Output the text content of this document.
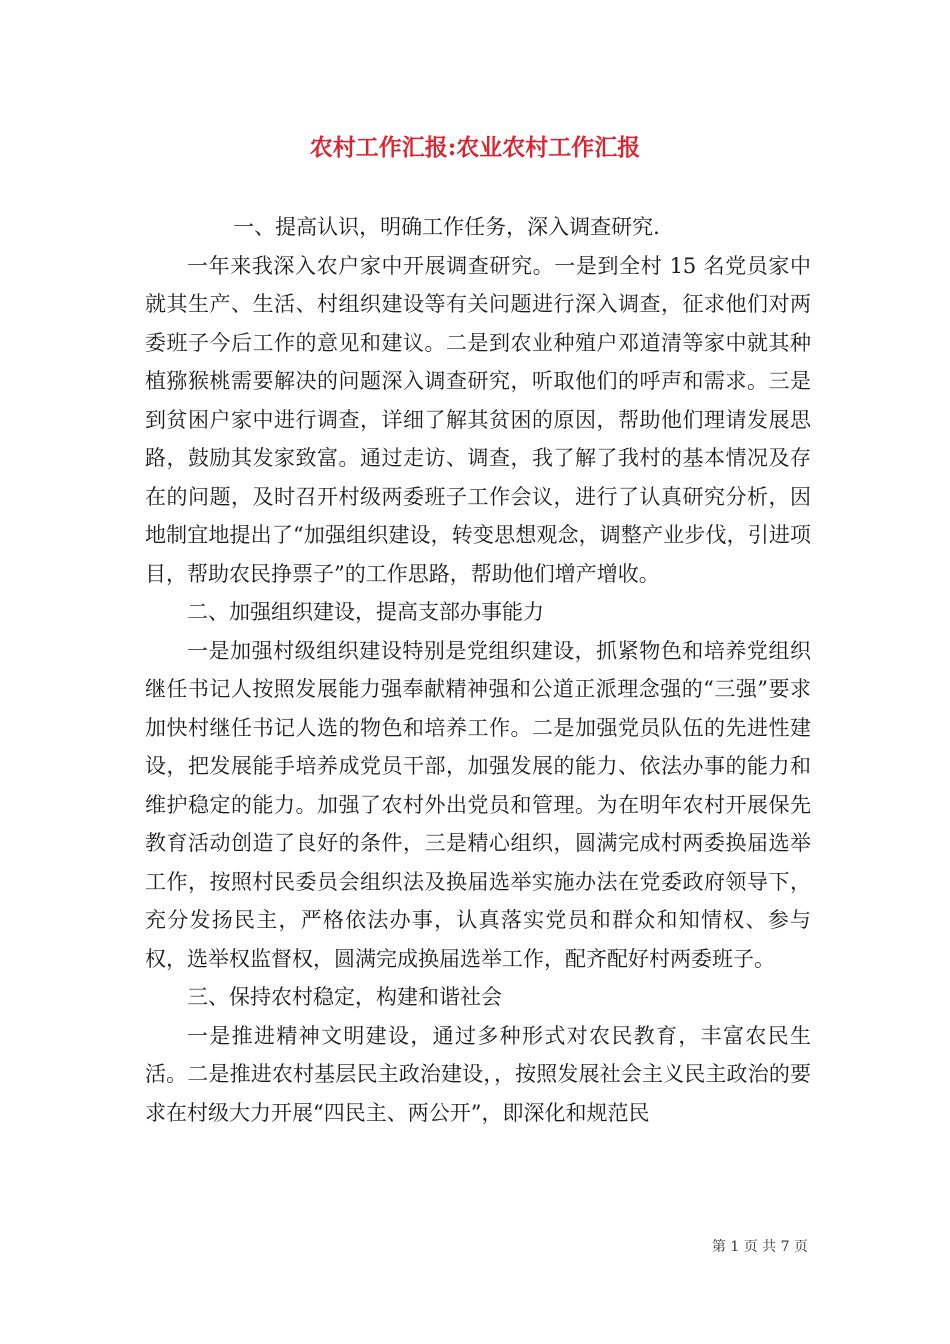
农村工作汇报:农业农村工作汇报

一、提高认识，明确工作任务，深入调查研究.

一年来我深入农户家中开展调查研究。一是到全村 15 名党员家中就其生产、生活、村组织建设等有关问题进行深入调查，征求他们对两委班子今后工作的意见和建议。二是到农业种殖户邓道清等家中就其种植猕猴桃需要解决的问题深入调查研究，听取他们的呼声和需求。三是到贫困户家中进行调查，详细了解其贫困的原因，帮助他们理请发展思路，鼓励其发家致富。通过走访、调查，我了解了我村的基本情况及存在的问题，及时召开村级两委班子工作会议，进行了认真研究分析，因地制宜地提出了“加强组织建设，转变思想观念，调整产业步伐，引进项目，帮助农民挣票子”的工作思路，帮助他们增产增收。

二、加强组织建设，提高支部办事能力

一是加强村级组织建设特别是党组织建设，抓紧物色和培养党组织继任书记人按照发展能力强奉献精神强和公道正派理念强的“三强”要求加快村继任书记人选的物色和培养工作。二是加强党员队伍的先进性建设，把发展能手培养成党员干部，加强发展的能力、依法办事的能力和维护稳定的能力。加强了农村外出党员和管理。为在明年农村开展保先教育活动创造了良好的条件，三是精心组织，圆满完成村两委换届选举工作，按照村民委员会组织法及换届选举实施办法在党委政府领导下，充分发扬民主，严格依法办事，认真落实党员和群众和知情权、参与权，选举权监督权，圆满完成换届选举工作，配齐配好村两委班子。

三、保持农村稳定，构建和谐社会

一是推进精神文明建设，通过多种形式对农民教育，丰富农民生活。二是推进农村基层民主政治建设，，按照发展社会主义民主政治的要求在村级大力开展“四民主、两公开”，即深化和规范民

第 1 页 共 7 页
